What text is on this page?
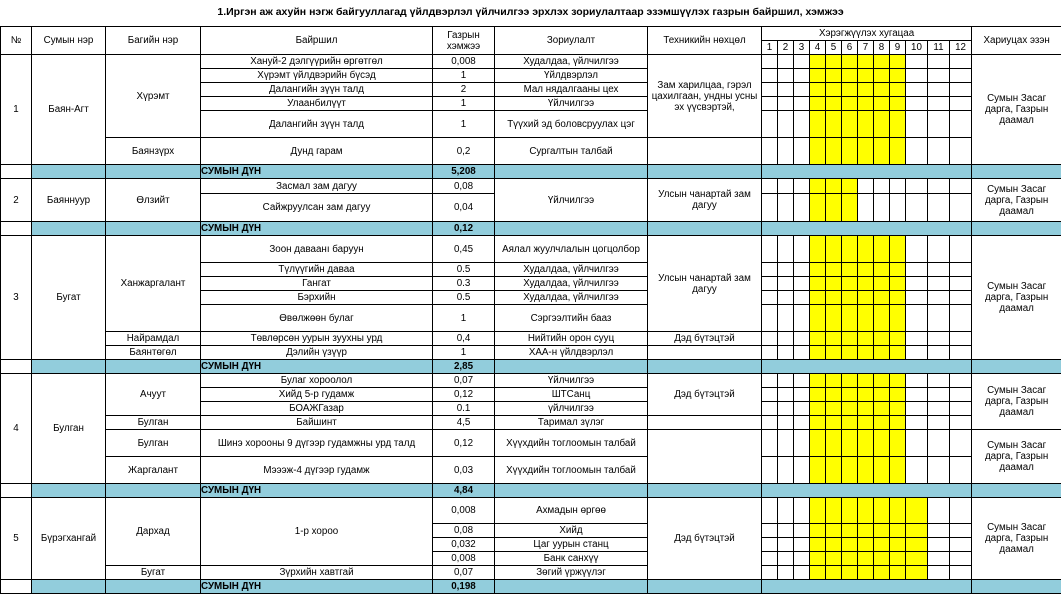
1.Иргэн аж ахуйн нэгж байгууллагад үйлдвэрлэл үйлчилгээ эрхлэх зориулалтаар эзэмшүүлэх газрын байршил, хэмжээ
№	Сумын нэр	Багийн нэр	Байршил	Газрын хэмжээ	Зориулалт	Техникийн нөхцөл	Хэрэгжүүлэх хугацаа												Хариуцах эзэн
							1	2	3	4	5	6	7	8	9	10	11	12	
1	Баян-Агт	Хүрэмт	Хануй-2 дэлгүүрийн өргөтгөл	0,008	Худалдаа, үйлчилгээ	Зам харилцаа, гэрэл цахилгаан, ундны усны эх үүсвэртэй,													Сумын Засаг дарга, Газрын даамал
			Хүрэмт үйлдвэрийн бүсэд	1	Үйлдвэрлэл														
			Далангийн зүүн талд	2	Мал нядалгааны цех														
			Улаанбилүүт	1	Үйлчилгээ														
			Далангийн зүүн талд	1	Түүхий эд боловсруулах цэг														
		Баянзүрх	Дунд гарам	0,2	Сургалтын талбай														
			СУМЫН ДҮН	5,208															
2	Баяннуур	Өлзийт	Засмал зам дагуу	0,08	Үйлчилгээ	Улсын чанартай зам дагуу													Сумын Засаг дарга, Газрын даамал
			Сайжруулсан зам дагуу	0,04															
			СУМЫН ДҮН	0,12															
3	Бугат	Ханжаргалант	Зоон даваанı баруун	0,45	Аялал жуулчлалын цогцолбор	Улсын чанартай зам дагуу													Сумын Засаг дарга, Газрын даамал
			Түлүүгийн даваа	0.5	Худалдаа, үйлчилгээ														
			Гангат	0.3	Худалдаа, үйлчилгээ														
			Бэрхийн	0.5	Худалдаа, үйлчилгээ														
			Өвөлжөөн булаг	1	Сэргээлтийн бааз														
		Найрамдал	Төвлөрсөн уурын зуухны урд	0,4	Нийтийн орон сууц	Дэд бүтэцтэй													
		Баянтөгөл	Дэлийн үзүүр	1	ХАА-н үйлдвэрлэл														
			СУМЫН ДҮН	2,85															
4	Булган	Ачуут	Булаг хороолол	0,07	Үйлчилгээ	Дэд бүтэцтэй													Сумын Засаг дарга, Газрын даамал
			Хийд 5-р гудамж	0,12	ШТСанц														
			БОАЖГазар	0.1	үйлчилгээ														
		Булган	Байшинт	4,5	Таримал зүлэг														
		Булган	Шинэ хорооны 9 дүгээр гудамжны урд талд	0,12	Хүүхдийн тоглоомын талбай														Сумын Засаг дарга, Газрын даамал
		Жаргалант	Мэээж-4 дүгээр гудамж	0,03	Хүүхдийн тоглоомын талбай														
			СУМЫН ДҮН	4,84															
5	Бүрэгхангай	Дархад	1-р хороо	0,008	Ахмадын өргөө	Дэд бүтэцтэй													Сумын Засаг дарга, Газрын даамал
				0,08	Хийд														
				0,032	Цаг уурын станц														
				0,008	Банк санхүү														
		Бугат	Зүрхийн хавтгай	0,07	Зөгий үржүүлэг														
			СУМЫН ДҮН	0,198															
